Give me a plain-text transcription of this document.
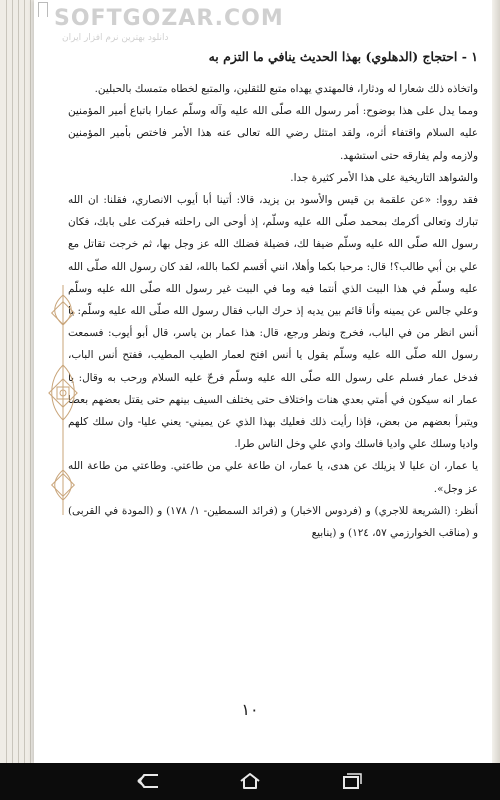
SOFTGOZAR.COM
دانلود بهترین نرم افزار ایران
١ - احتجاج (الدهلوي) بهذا الحديث ينافي ما التزم به

واتخاذه ذلك شعارا له ودثارا، فالمهتدي يهداه متبع للثقلين، والمتبع لخطاه متمسك بالحبلين.

ومما يدل على هذا بوضوح: أمر رسول الله صلّى الله عليه وآله وسلّم عمارا باتباع أمير المؤمنين عليه السلام واقتفاء أثره، ولقد امتثل رضي الله تعالى عنه هذا الأمر فاختص بأمير المؤمنين ولازمه ولم يفارقه حتى استشهد.

والشواهد التاريخية على هذا الأمر كثيرة جدا.

فقد رووا: «عن علقمة بن قيس والأسود بن يزيد، قالا: أتينا أبا أيوب الانصاري، فقلنا: ان الله تبارك وتعالى أكرمك بمحمد صلّى الله عليه وسلّم، إذ أوحى الى راحلته فبركت على بابك، فكان رسول الله صلّى الله عليه وسلّم ضيفا لك، فضيلة فضلك الله عز وجل بها، ثم خرجت تقاتل مع علي بن أبي طالب؟! قال: مرحبا بكما وأهلا، انني أقسم لكما بالله، لقد كان رسول الله صلّى الله عليه وسلّم في هذا البيت الذي أنتما فيه وما في البيت غير رسول الله صلّى الله عليه وسلّم وعلي جالس عن يمينه وأنا قائم بين يديه إذ حرك الباب فقال رسول الله صلّى الله عليه وسلّم: يا أنس انظر من في الباب، فخرج ونظر ورجع، قال: هذا عمار بن ياسر، قال أبو أيوب: فسمعت رسول الله صلّى الله عليه وسلّم يقول يا أنس افتح لعمار الطيب المطيب، ففتح أنس الباب، فدخل عمار فسلم على رسول الله صلّى الله عليه وسلّم فرحّ عليه السلام ورحب به وقال: يا عمار انه سيكون في أمتي بعدي هنات واختلاف حتى يختلف السيف بينهم حتى يقتل بعضهم بعضا ويتبرأ بعضهم من بعض، فإذا رأيت ذلك فعليك بهذا الذي عن يميني- يعني عليا- وان سلك كلهم واديا وسلك علي واديا فاسلك وادي علي وخل الناس طرا.

يا عمار، ان عليا لا يزيلك عن هدى، يا عمار، ان طاعة علي من طاعتي. وطاعتي من طاعة الله عز وجل».

أنظر: (الشريعة للاجري) و (فردوس الاخبار) و (فرائد السمطين- ١/ ١٧٨) و (المودة في القربى) و (مناقب الخوارزمي ٥٧، ١٢٤) و (ينابيع

١٠
